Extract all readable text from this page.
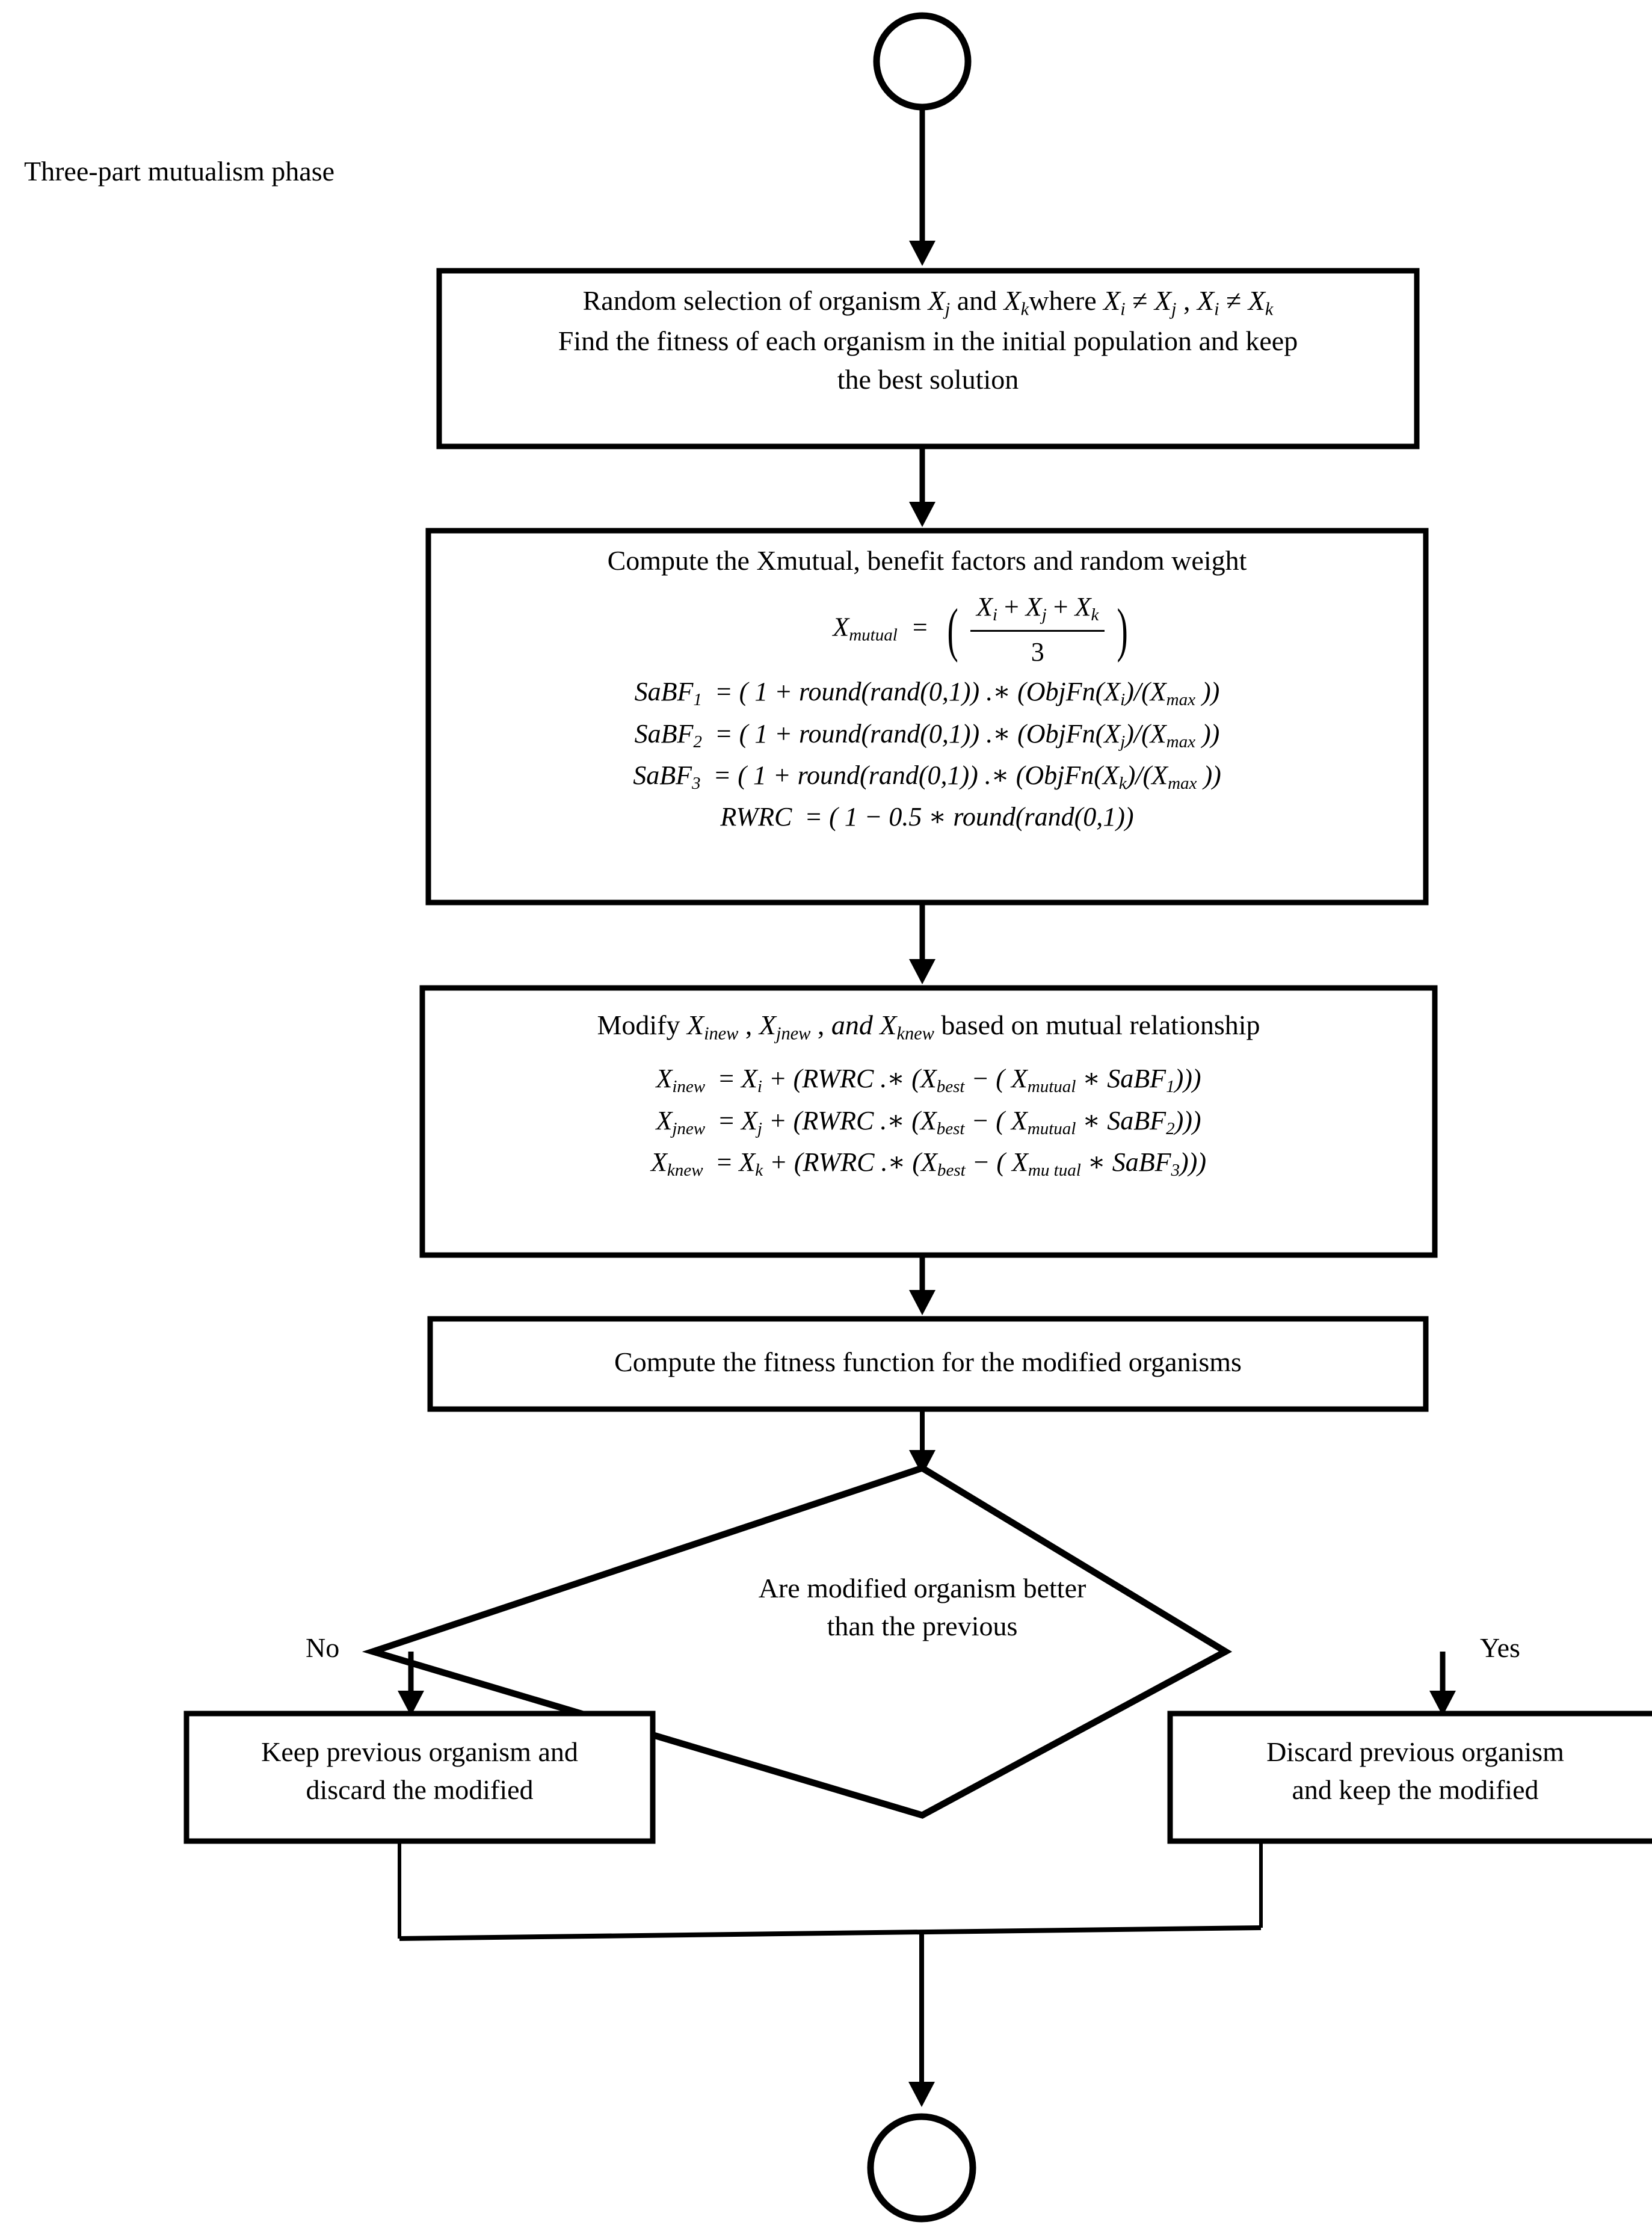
Three-part mutualism phase
Random selection of organism $X_j$ and $X_kwhere$ $X_i \ne X_j$ , $X_i \ne X_k$
Find the fitness of each organism in the initial population and keep
the best solution
Compute the Xmutual, benefit factors and random weight
$X_{mutual}$ = ( $\frac{X_i + X_j + X_k}{3}$ )
SaBF$_1$ = ( 1 + round(rand(0,1)) .∗ ($ObjFn(X_i)/(X_{max}$ ))
SaBF$_2$ = ( 1 + round(rand(0,1)) .∗ ($ObjFn(X_j)/(X_{max}$ ))
SaBF$_3$ = ( 1 + round(rand(0,1)) .∗ ($ObjFn(X_k)/(X_{max}$ ))
RWRC = ( 1 − 0.5 ∗ round(rand(0,1))
Modify $X_{inew}$ , $X_{jnew}$ , and $X_{knew}$ based on mutual relationship
$X_{inew} = X_i$ + (RWRC .∗ ($X_{best}$ − ( $X_{mutual}$ ∗ SaBF$_1$)))
$X_{jnew} = X_j$ + (RWRC .∗ ($X_{best}$ − ( $X_{mutual}$ ∗ SaBF$_2$)))
$X_{knew} = X_k$ + (RWRC .∗ ($X_{best}$ − ( $X_{mu tual}$ ∗ SaBF$_3$)))
Compute the fitness function for the modified organisms
Are modified organism better
than the previous
No	Yes
Keep previous organism and
discard the modified
Discard previous organism
and keep the modified
